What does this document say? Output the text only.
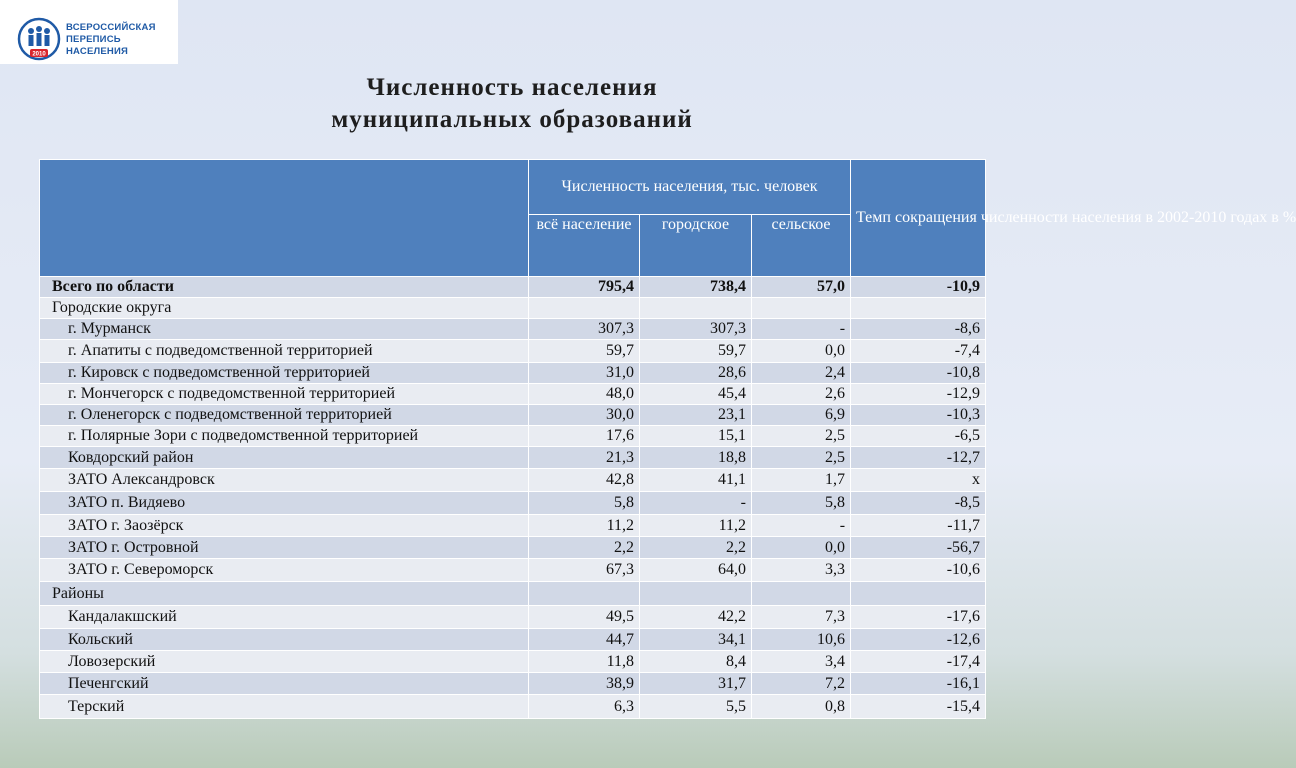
2010
ВСЕРОССИЙСКАЯ
ПЕРЕПИСЬ НАСЕЛЕНИЯ
Численность населения
муниципальных образований
	Численность населения, тыс. человек			Темп сокращения численности населения в 2002-2010 годах в %
	всё население	городское	сельское	
Всего по области	795,4	738,4	57,0	-10,9
Городские округа				
г. Мурманск	307,3	307,3	-	-8,6
г. Апатиты с подведомственной территорией	59,7	59,7	0,0	-7,4
г. Кировск с подведомственной территорией	31,0	28,6	2,4	-10,8
г. Мончегорск с подведомственной территорией	48,0	45,4	2,6	-12,9
г. Оленегорск с подведомственной территорией	30,0	23,1	6,9	-10,3
г. Полярные Зори с подведомственной территорией	17,6	15,1	2,5	-6,5
Ковдорский район	21,3	18,8	2,5	-12,7
ЗАТО Александровск	42,8	41,1	1,7	х
ЗАТО п. Видяево	5,8	-	5,8	-8,5
ЗАТО г. Заозёрск	11,2	11,2	-	-11,7
ЗАТО г. Островной	2,2	2,2	0,0	-56,7
ЗАТО г. Североморск	67,3	64,0	3,3	-10,6
Районы				
Кандалакшский	49,5	42,2	7,3	-17,6
Кольский	44,7	34,1	10,6	-12,6
Ловозерский	11,8	8,4	3,4	-17,4
Печенгский	38,9	31,7	7,2	-16,1
Терский	6,3	5,5	0,8	-15,4
